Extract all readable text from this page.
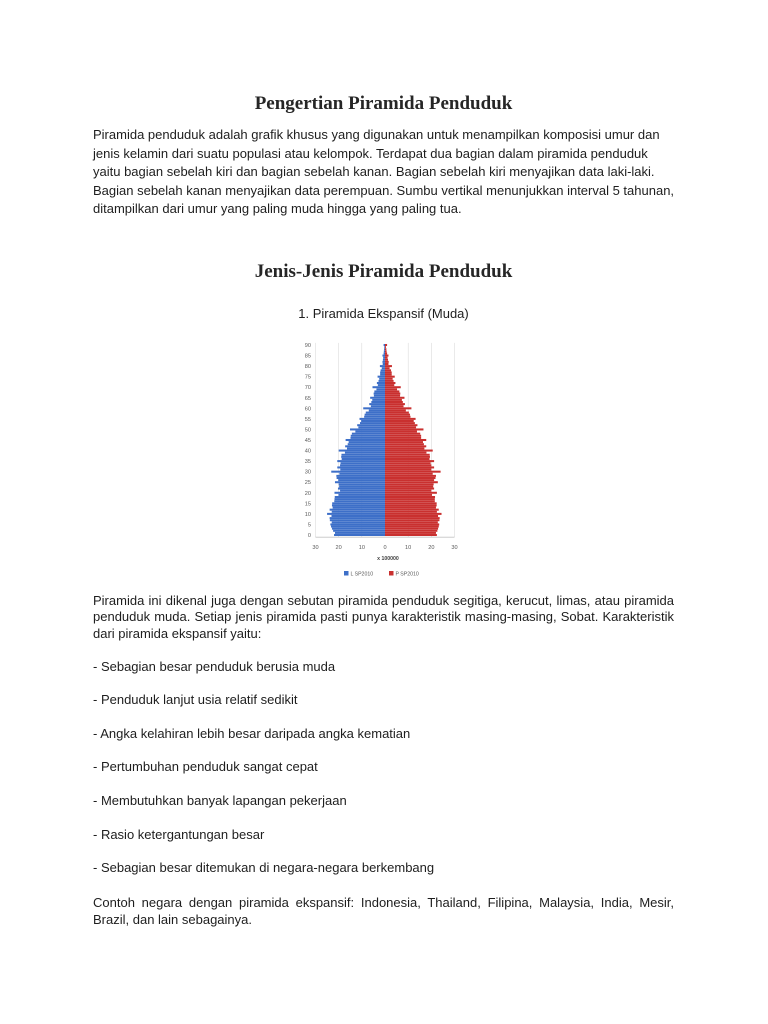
Pengertian Piramida Penduduk
Piramida penduduk adalah grafik khusus yang digunakan untuk menampilkan komposisi umur dan
jenis kelamin dari suatu populasi atau kelompok. Terdapat dua bagian dalam piramida penduduk
yaitu bagian sebelah kiri dan bagian sebelah kanan. Bagian sebelah kiri menyajikan data laki-laki.
Bagian sebelah kanan menyajikan data perempuan. Sumbu vertikal menunjukkan interval 5 tahunan,
ditampilkan dari umur yang paling muda hingga yang paling tua.
Jenis-Jenis Piramida Penduduk
1. Piramida Ekspansif (Muda)
0
5
10
15
20
25
30
35
40
45
50
55
60
65
70
75
80
85
90
30	20	10	0	10	20	30
x 100000
L SP2010	P SP2010
Piramida ini dikenal juga dengan sebutan piramida penduduk segitiga, kerucut, limas, atau piramida
penduduk muda. Setiap jenis piramida pasti punya karakteristik masing-masing, Sobat. Karakteristik
dari piramida ekspansif yaitu:
- Sebagian besar penduduk berusia muda
- Penduduk lanjut usia relatif sedikit
- Angka kelahiran lebih besar daripada angka kematian
- Pertumbuhan penduduk sangat cepat
- Membutuhkan banyak lapangan pekerjaan
- Rasio ketergantungan besar
- Sebagian besar ditemukan di negara-negara berkembang
Contoh negara dengan piramida ekspansif: Indonesia, Thailand, Filipina, Malaysia, India, Mesir,
Brazil, dan lain sebagainya.
